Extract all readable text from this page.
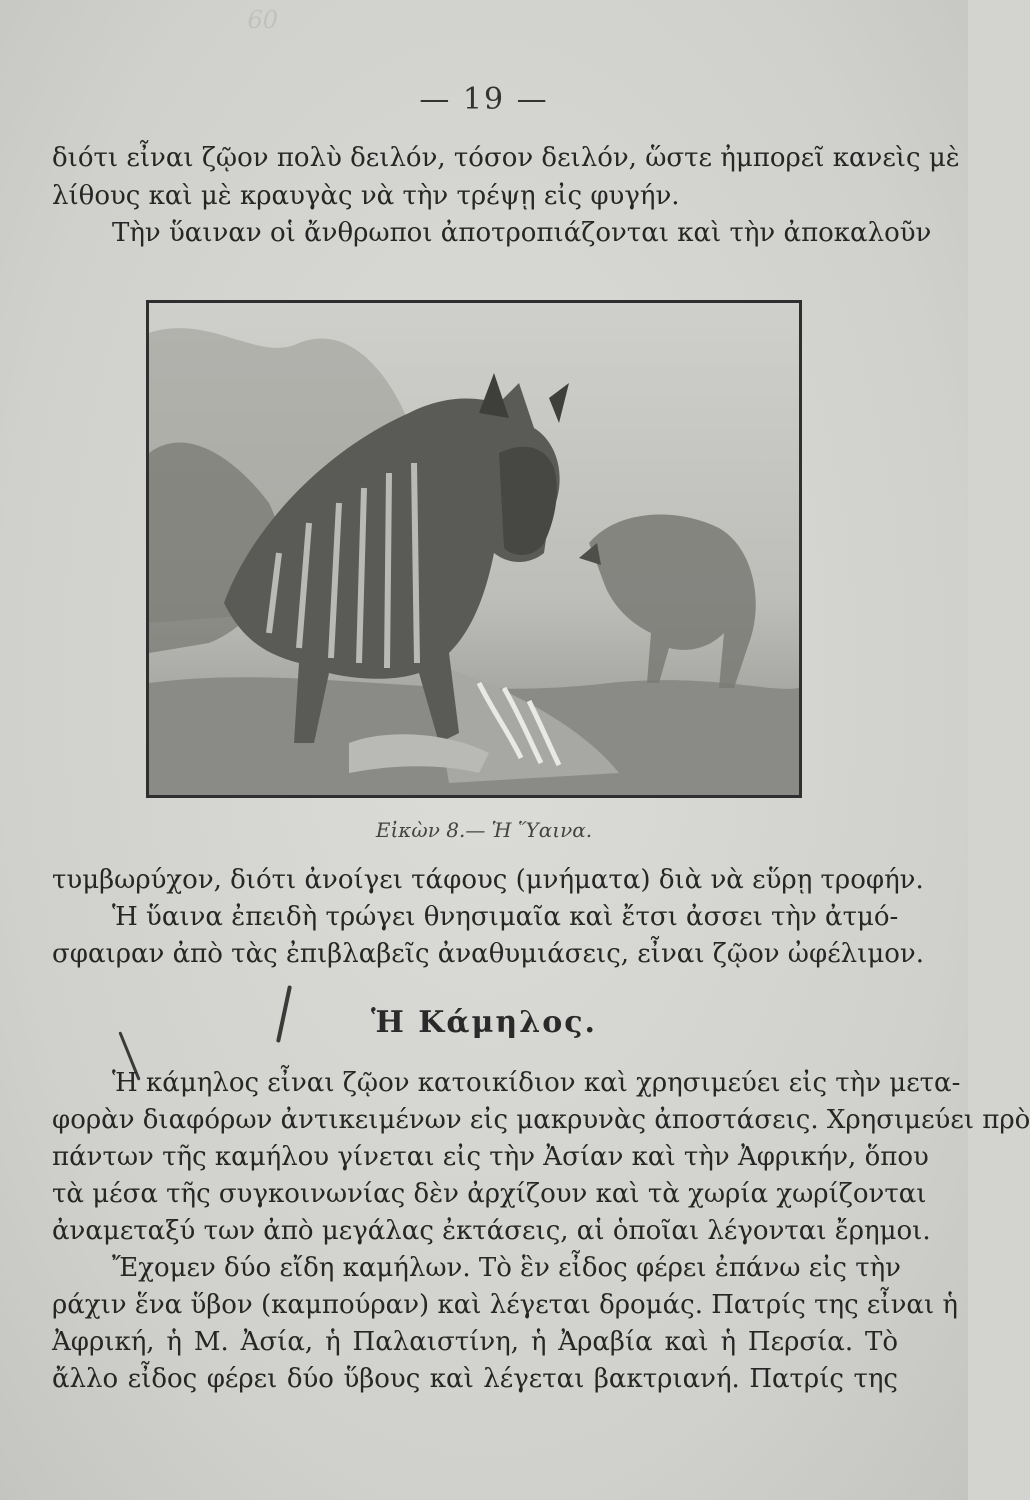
60
— 19 —
διότι εἶναι ζῷον πολὺ δειλόν, τόσον δειλόν, ὥστε ἠμπορεῖ κανεὶς μὲ
λίθους καὶ μὲ κραυγὰς νὰ τὴν τρέψῃ εἰς φυγήν.
Τὴν ὕαιναν οἱ ἄνθρωποι ἀποτροπιάζονται καὶ τὴν ἀποκαλοῦν
Εἰκὼν 8.— Ἡ Ὕαινα.
τυμβωρύχον, διότι ἀνοίγει τάφους (μνήματα) διὰ νὰ εὕρῃ τροφήν.
Ἡ ὕαινα ἐπειδὴ τρώγει θνησιμαῖα καὶ ἔτσι ἀσσει τὴν ἀτμό-
σφαιραν ἀπὸ τὰς ἐπιβλαβεῖς ἀναθυμιάσεις, εἶναι ζῷον ὠφέλιμον.
Ἡ Κάμηλος.
Ἡ κάμηλος εἶναι ζῷον κατοικίδιον καὶ χρησιμεύει εἰς τὴν μετα-
φορὰν διαφόρων ἀντικειμένων εἰς μακρυνὰς ἀποστάσεις. Χρησιμεύει πρὸ
πάντων τῆς καμήλου γίνεται εἰς τὴν Ἀσίαν καὶ τὴν Ἀφρικήν, ὅπου
τὰ μέσα τῆς συγκοινωνίας δὲν ἀρχίζουν καὶ τὰ χωρία χωρίζονται
ἀναμεταξύ των ἀπὸ μεγάλας ἐκτάσεις, αἱ ὁποῖαι λέγονται ἔρημοι.
Ἔχομεν δύο εἴδη καμήλων. Τὸ ἓν εἶδος φέρει ἐπάνω εἰς τὴν
ράχιν ἕνα ὕβον (καμπούραν) καὶ λέγεται δρομάς. Πατρίς της εἶναι ἡ
Ἀφρική, ἡ Μ. Ἀσία, ἡ Παλαιστίνη, ἡ Ἀραβία καὶ ἡ Περσία. Τὸ
ἄλλο εἶδος φέρει δύο ὕβους καὶ λέγεται βακτριανή. Πατρίς της
